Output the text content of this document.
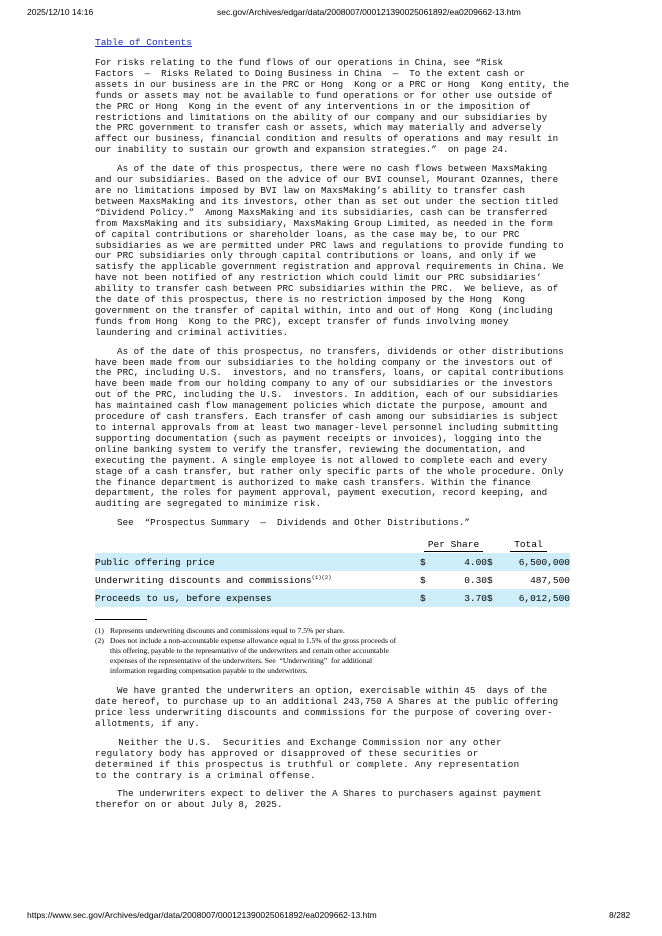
2025/12/10 14:16	sec.gov/Archives/edgar/data/2008007/000121390025061892/ea0209662-13.htm
Table of Contents
For risks relating to the fund flows of our operations in China, see “Risk
Factors  —  Risks Related to Doing Business in China  —  To the extent cash or
assets in our business are in the PRC or Hong  Kong or a PRC or Hong  Kong entity, the
funds or assets may not be available to fund operations or for other use outside of
the PRC or Hong  Kong in the event of any interventions in or the imposition of
restrictions and limitations on the ability of our company and our subsidiaries by
the PRC government to transfer cash or assets, which may materially and adversely
affect our business, financial condition and results of operations and may result in
our inability to sustain our growth and expansion strategies.”  on page 24.
As of the date of this prospectus, there were no cash flows between MaxsMaking
and our subsidiaries. Based on the advice of our BVI counsel, Mourant Ozannes, there
are no limitations imposed by BVI law on MaxsMaking’s ability to transfer cash
between MaxsMaking and its investors, other than as set out under the section titled
“Dividend Policy.”  Among MaxsMaking and its subsidiaries, cash can be transferred
from MaxsMaking and its subsidiary, MaxsMaking Group Limited, as needed in the form
of capital contributions or shareholder loans, as the case may be, to our PRC
subsidiaries as we are permitted under PRC laws and regulations to provide funding to
our PRC subsidiaries only through capital contributions or loans, and only if we
satisfy the applicable government registration and approval requirements in China. We
have not been notified of any restriction which could limit our PRC subsidiaries’
ability to transfer cash between PRC subsidiaries within the PRC.  We believe, as of
the date of this prospectus, there is no restriction imposed by the Hong  Kong
government on the transfer of capital within, into and out of Hong  Kong (including
funds from Hong  Kong to the PRC), except transfer of funds involving money
laundering and criminal activities.
As of the date of this prospectus, no transfers, dividends or other distributions
have been made from our subsidiaries to the holding company or the investors out of
the PRC, including U.S.  investors, and no transfers, loans, or capital contributions
have been made from our holding company to any of our subsidiaries or the investors
out of the PRC, including the U.S.  investors. In addition, each of our subsidiaries
has maintained cash flow management policies which dictate the purpose, amount and
procedure of cash transfers. Each transfer of cash among our subsidiaries is subject
to internal approvals from at least two manager-level personnel including submitting
supporting documentation (such as payment receipts or invoices), logging into the
online banking system to verify the transfer, reviewing the documentation, and
executing the payment. A single employee is not allowed to complete each and every
stage of a cash transfer, but rather only specific parts of the whole procedure. Only
the finance department is authorized to make cash transfers. Within the finance
department, the roles for payment approval, payment execution, record keeping, and
auditing are segregated to minimize risk.
See  “Prospectus Summary  —  Dividends and Other Distributions.”
	Per Share		Total	
Public offering price	$	4.00	$	6,500,000
Underwriting discounts and commissions$^{(1)(2)}$	$	0.30	$	487,500
Proceeds to us, before expenses	$	3.70	$	6,012,500
(1) Represents underwriting discounts and commissions equal to 7.5% per share.
(2) Does not include a non-accountable expense allowance equal to 1.5% of the gross proceeds of
this offering, payable to the representative of the underwriters and certain other accountable
expenses of the representative of the underwriters. See  “Underwriting”  for additional
information regarding compensation payable to the underwriters.
We have granted the underwriters an option, exercisable within 45  days of the
date hereof, to purchase up to an additional 243,750 A Shares at the public offering
price less underwriting discounts and commissions for the purpose of covering over-
allotments, if any.
Neither the U.S.  Securities and Exchange Commission nor any other
regulatory body has approved or disapproved of these securities or
determined if this prospectus is truthful or complete. Any representation
to the contrary is a criminal offense.
The underwriters expect to deliver the A Shares to purchasers against payment
therefor on or about July 8, 2025.
https://www.sec.gov/Archives/edgar/data/2008007/000121390025061892/ea0209662-13.htm	8/282
